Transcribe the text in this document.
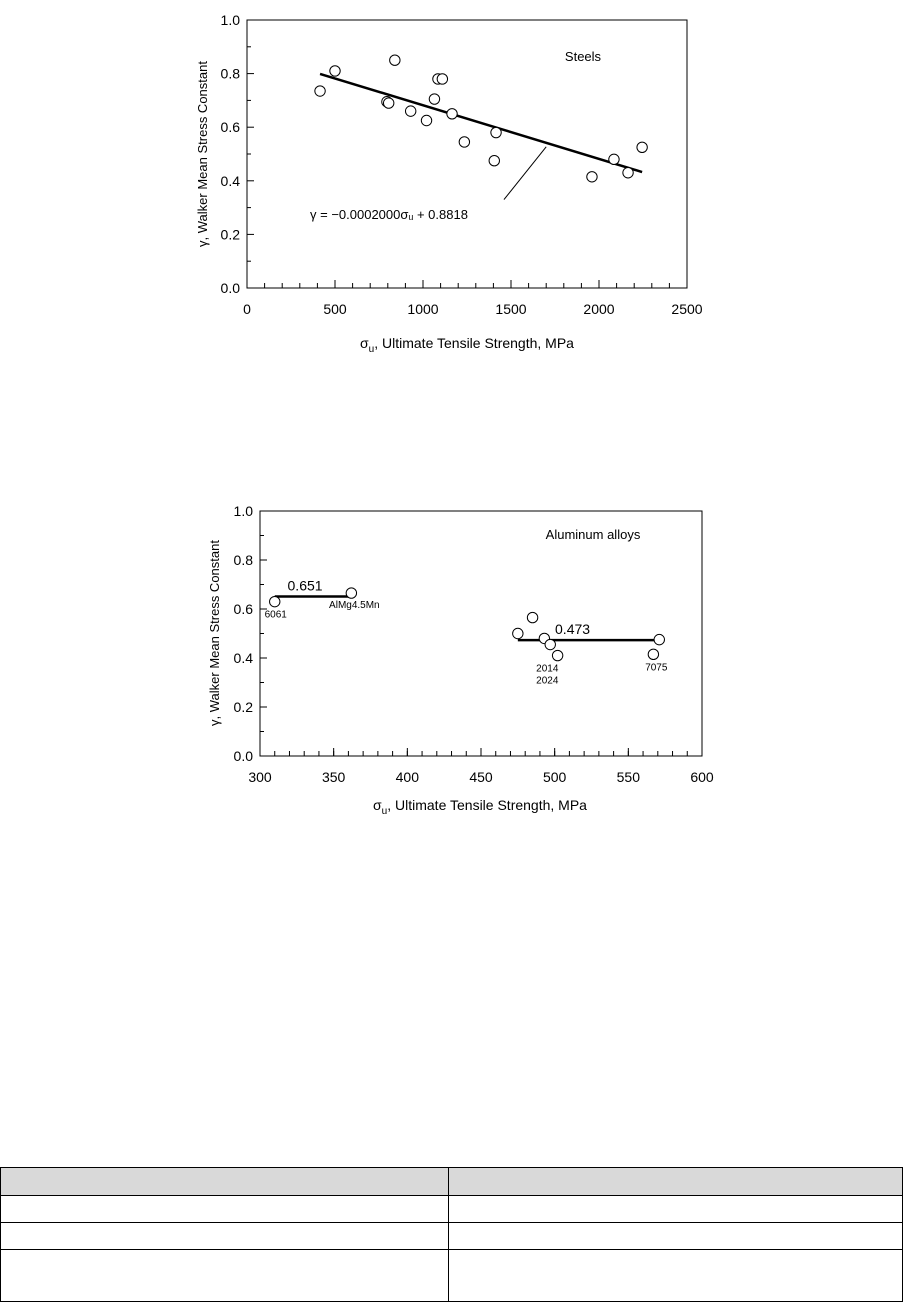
0	500	1000	1500	2000	2500
0.0
0.2
0.4
0.6
0.8
1.0
Steels
γ = −0.0002000σᵤ + 0.8818
$\sigma_u$, Ultimate Tensile Strength, MPa
γ, Walker Mean Stress Constant
300	350	400	450	500	550	600
0.0
0.2
0.4
0.6
0.8
1.0
0.651
0.473
6061
AlMg4.5Mn
2014
2024
7075
Aluminum alloys
$\sigma_u$, Ultimate Tensile Strength, MPa
γ, Walker Mean Stress Constant
